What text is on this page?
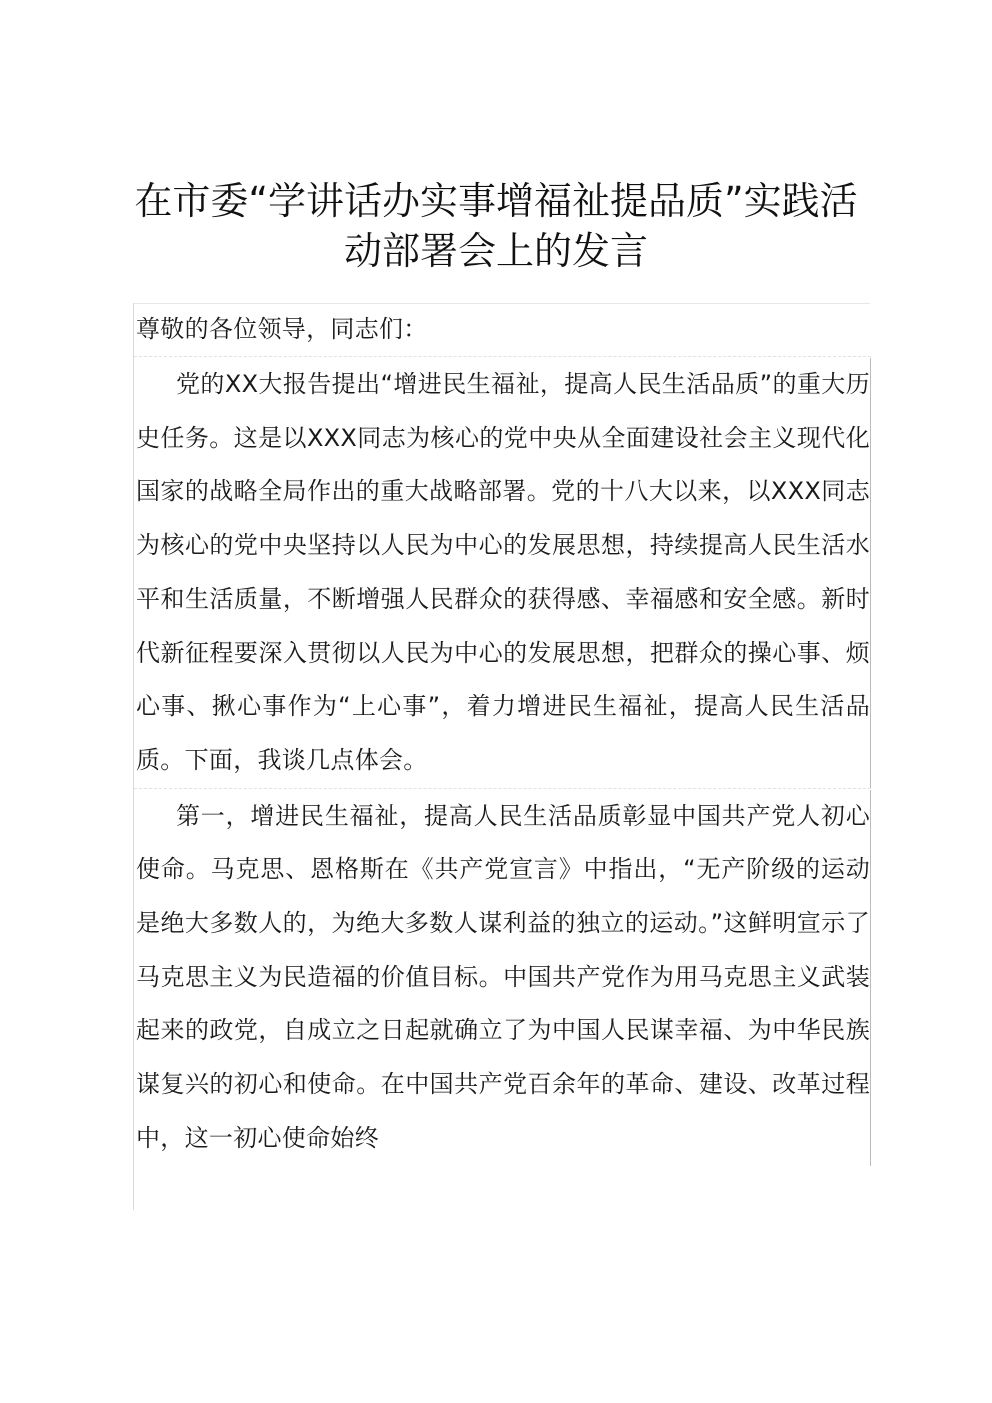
在市委“学讲话办实事增福祉提品质”实践活动部署会上的发言

尊敬的各位领导，同志们：

党的XX大报告提出“增进民生福祉，提高人民生活品质”的重大历史任务。这是以XXX同志为核心的党中央从全面建设社会主义现代化国家的战略全局作出的重大战略部署。党的十八大以来，以XXX同志为核心的党中央坚持以人民为中心的发展思想，持续提高人民生活水平和生活质量，不断增强人民群众的获得感、幸福感和安全感。新时代新征程要深入贯彻以人民为中心的发展思想，把群众的操心事、烦心事、揪心事作为“上心事”，着力增进民生福祉，提高人民生活品质。下面，我谈几点体会。

第一，增进民生福祉，提高人民生活品质彰显中国共产党人初心使命。马克思、恩格斯在《共产党宣言》中指出，“无产阶级的运动是绝大多数人的，为绝大多数人谋利益的独立的运动。”这鲜明宣示了马克思主义为民造福的价值目标。中国共产党作为用马克思主义武装起来的政党，自成立之日起就确立了为中国人民谋幸福、为中华民族谋复兴的初心和使命。在中国共产党百余年的革命、建设、改革过程中，这一初心使命始终
